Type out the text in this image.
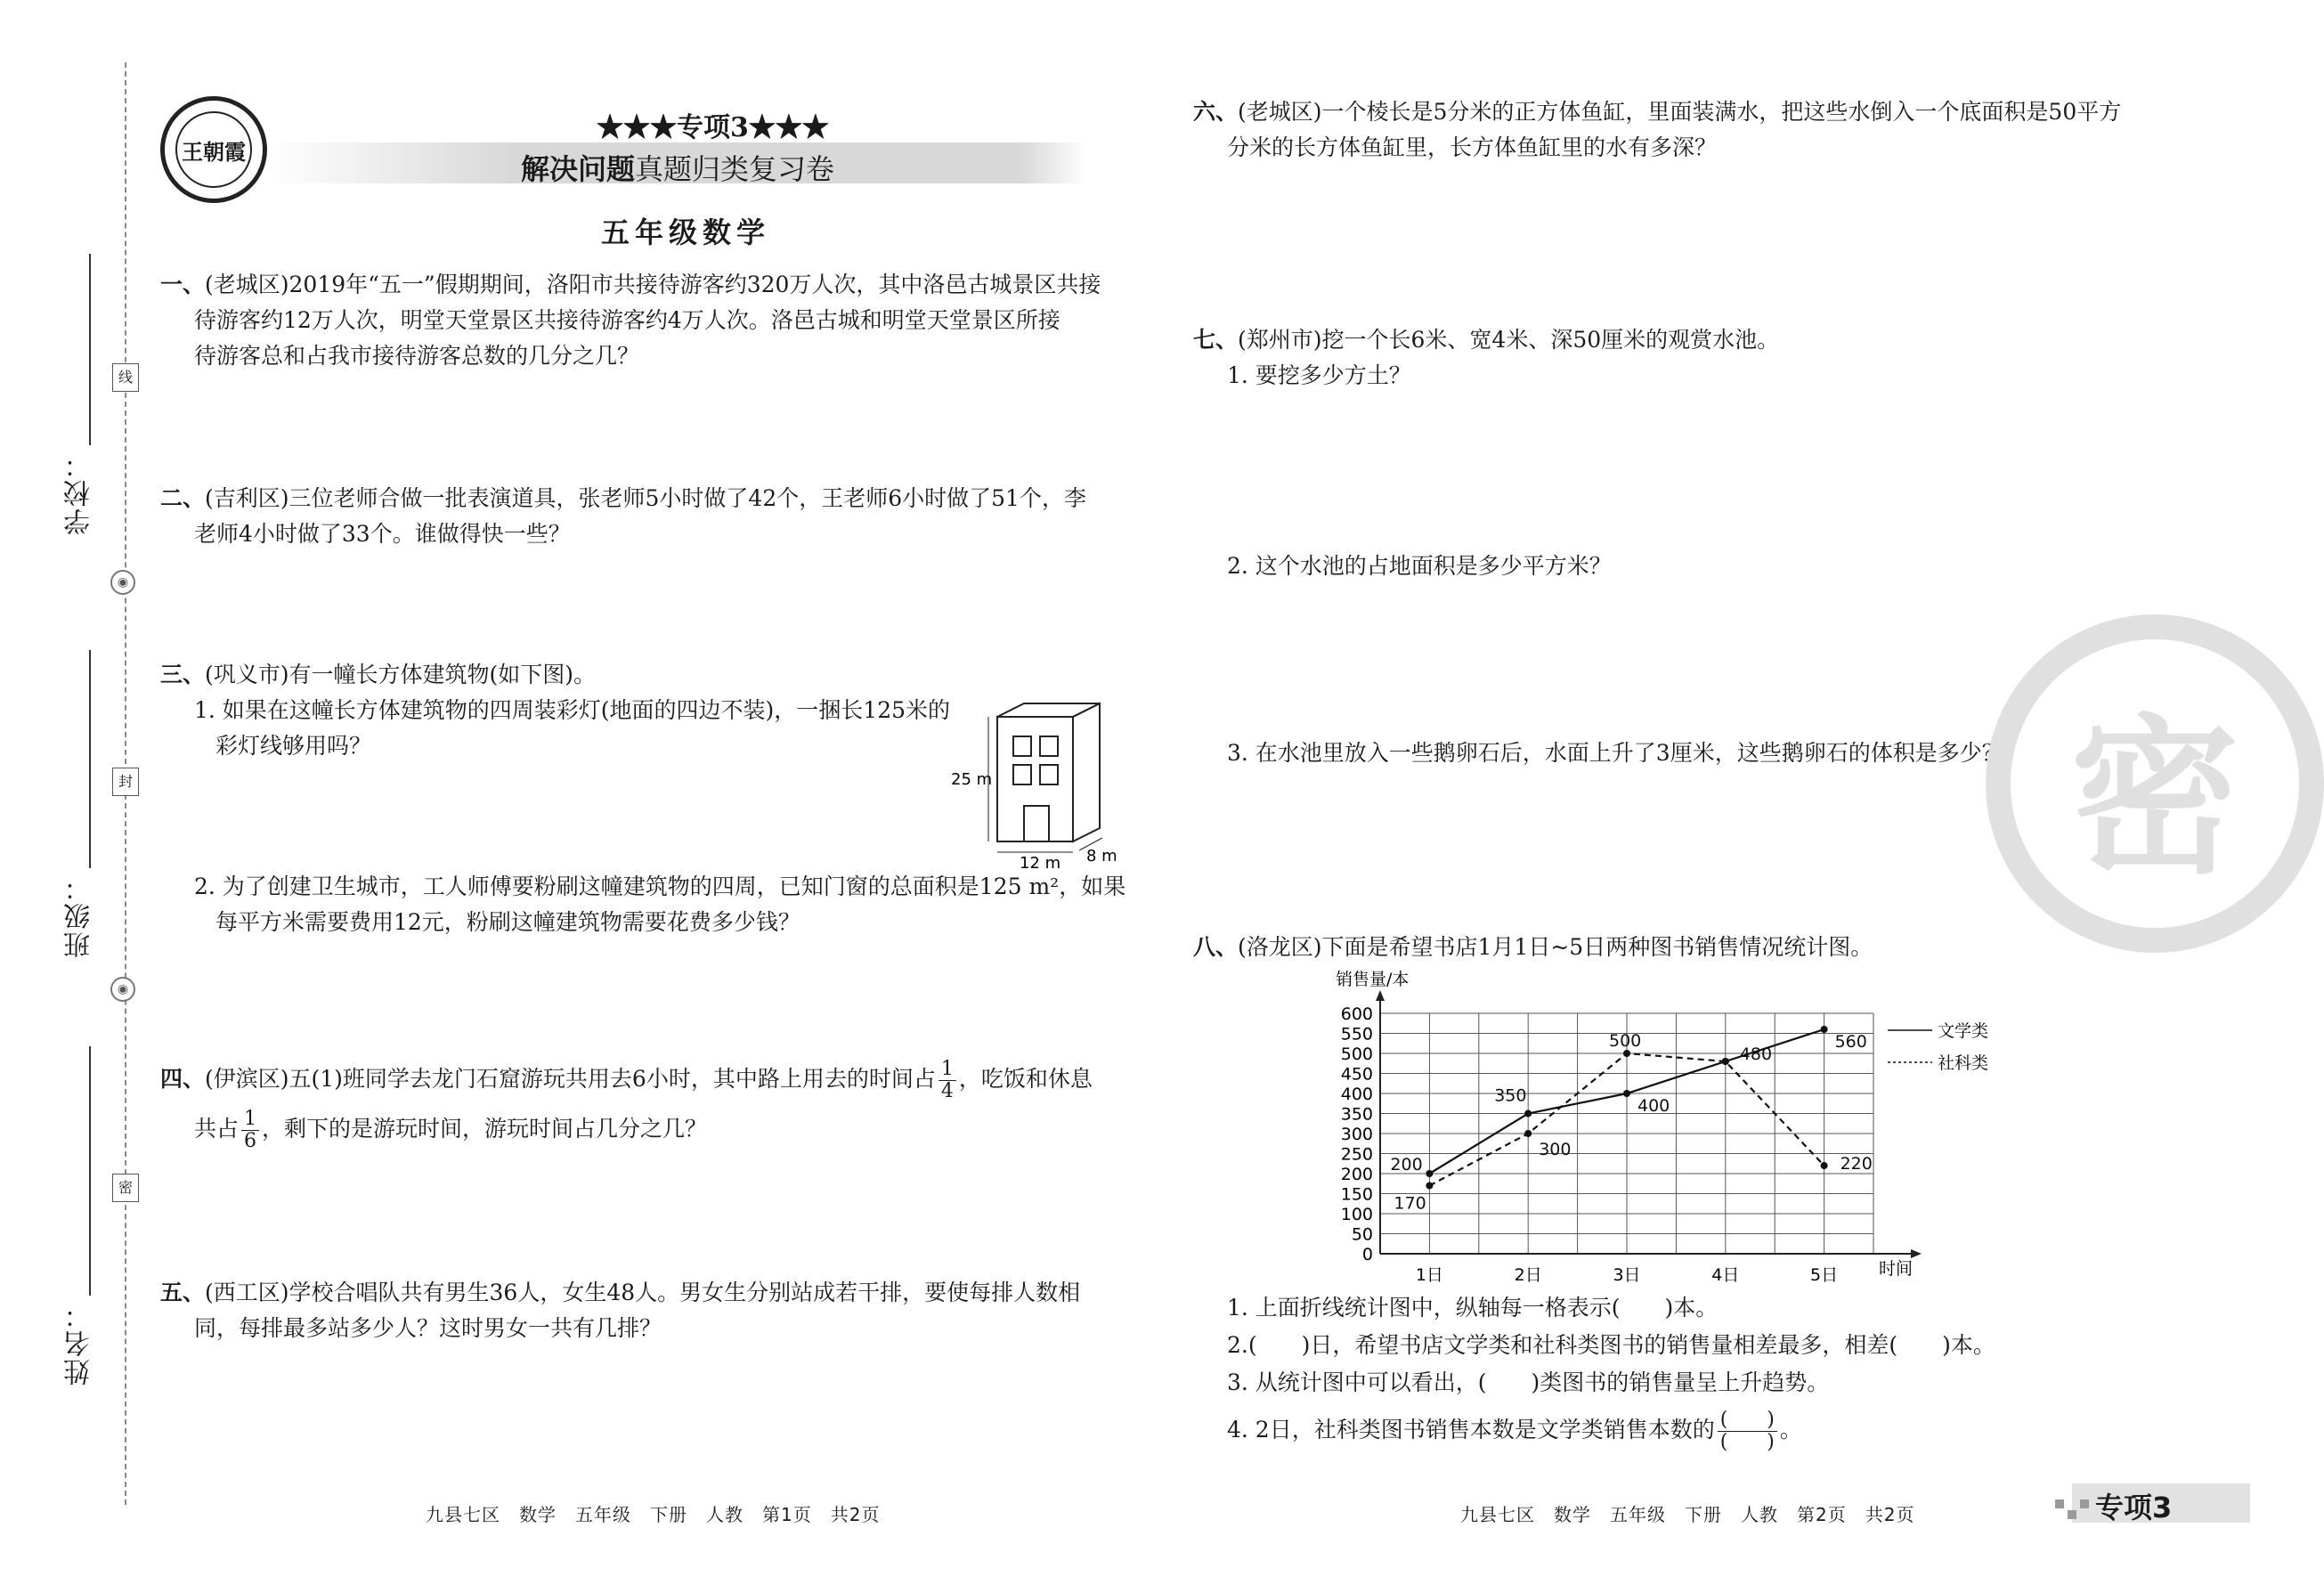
学校：
班级：
姓名：
线
封
密
◉
◉
王朝霞
★★★专项3★★★
解决问题真题归类复习卷
五年级数学
一、(老城区)2019年“五一”假期期间，洛阳市共接待游客约320万人次，其中洛邑古城景区共接
待游客约12万人次，明堂天堂景区共接待游客约4万人次。洛邑古城和明堂天堂景区所接
待游客总和占我市接待游客总数的几分之几？
二、(吉利区)三位老师合做一批表演道具，张老师5小时做了42个，王老师6小时做了51个，李
老师4小时做了33个。谁做得快一些？
三、(巩义市)有一幢长方体建筑物(如下图)。
1. 如果在这幢长方体建筑物的四周装彩灯(地面的四边不装)，一捆长125米的
彩灯线够用吗？
25 m
12 m 8 m
2. 为了创建卫生城市，工人师傅要粉刷这幢建筑物的四周，已知门窗的总面积是125 m²，如果
每平方米需要费用12元，粉刷这幢建筑物需要花费多少钱？
四、(伊滨区)五(1)班同学去龙门石窟游玩共用去6小时，其中路上用去的时间占 $\frac{1}{4}$ ，吃饭和休息
共占 $\frac{1}{6}$ ，剩下的是游玩时间，游玩时间占几分之几？
五、(西工区)学校合唱队共有男生36人，女生48人。男女生分别站成若干排，要使每排人数相
同，每排最多站多少人？这时男女一共有几排？
六、(老城区)一个棱长是5分米的正方体鱼缸，里面装满水，把这些水倒入一个底面积是50平方
分米的长方体鱼缸里，长方体鱼缸里的水有多深？
七、(郑州市)挖一个长6米、宽4米、深50厘米的观赏水池。
1. 要挖多少方土？
2. 这个水池的占地面积是多少平方米？
3. 在水池里放入一些鹅卵石后，水面上升了3厘米，这些鹅卵石的体积是多少？ 密
八、(洛龙区)下面是希望书店1月1日~5日两种图书销售情况统计图。
销售量/本
时间
0
50
100
150
200
250
300
350
400
450
500
550
600
1日	2日	3日	4日	5日
200
350
400
480
560
170
300
500
220
文学类
社科类
1. 上面折线统计图中，纵轴每一格表示(　　)本。
2.(　　)日，希望书店文学类和社科类图书的销售量相差最多，相差(　　)本。
3. 从统计图中可以看出，(　　)类图书的销售量呈上升趋势。
4. 2日，社科类图书销售本数是文学类销售本数的 $\frac{( )}{( )}$ 。
九县七区　数学　五年级　下册　人教　第1页　共2页	九县七区　数学　五年级　下册　人教　第2页　共2页	专项3
